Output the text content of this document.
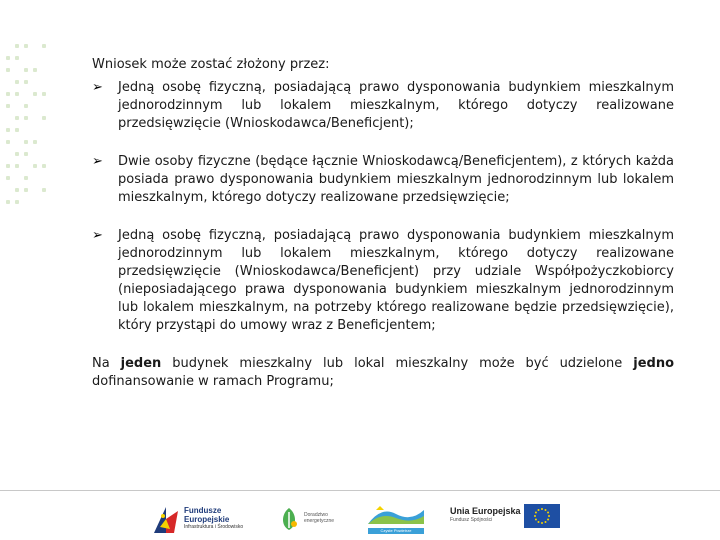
Wniosek może zostać złożony przez:

➢	Jedną osobę fizyczną, posiadającą prawo dysponowania budynkiem mieszkalnym jednorodzinnym lub lokalem mieszkalnym, którego dotyczy realizowane przedsięwzięcie (Wnioskodawca/Beneficjent);
➢	Dwie osoby fizyczne (będące łącznie Wnioskodawcą/Beneficjentem), z których każda posiada prawo dysponowania budynkiem mieszkalnym jednorodzinnym lub lokalem mieszkalnym, którego dotyczy realizowane przedsięwzięcie;
➢	Jedną osobę fizyczną, posiadającą prawo dysponowania budynkiem mieszkalnym jednorodzinnym lub lokalem mieszkalnym, którego dotyczy realizowane przedsięwzięcie (Wnioskodawca/Beneficjent) przy udziale Współpożyczkobiorcy (nieposiadającego prawa dysponowania budynkiem mieszkalnym jednorodzinnym lub lokalem mieszkalnym, na potrzeby którego realizowane będzie przedsięwzięcie), który przystąpi do umowy wraz z Beneficjentem;

Na jeden budynek mieszkalny lub lokal mieszkalny może być udzielone jedno dofinansowanie w ramach Programu;

Fundusze
Europejskie
Infrastruktura i Środowisko
Doradztwo energetyczne
Czyste Powietrze
Unia Europejska
Fundusz Spójności
